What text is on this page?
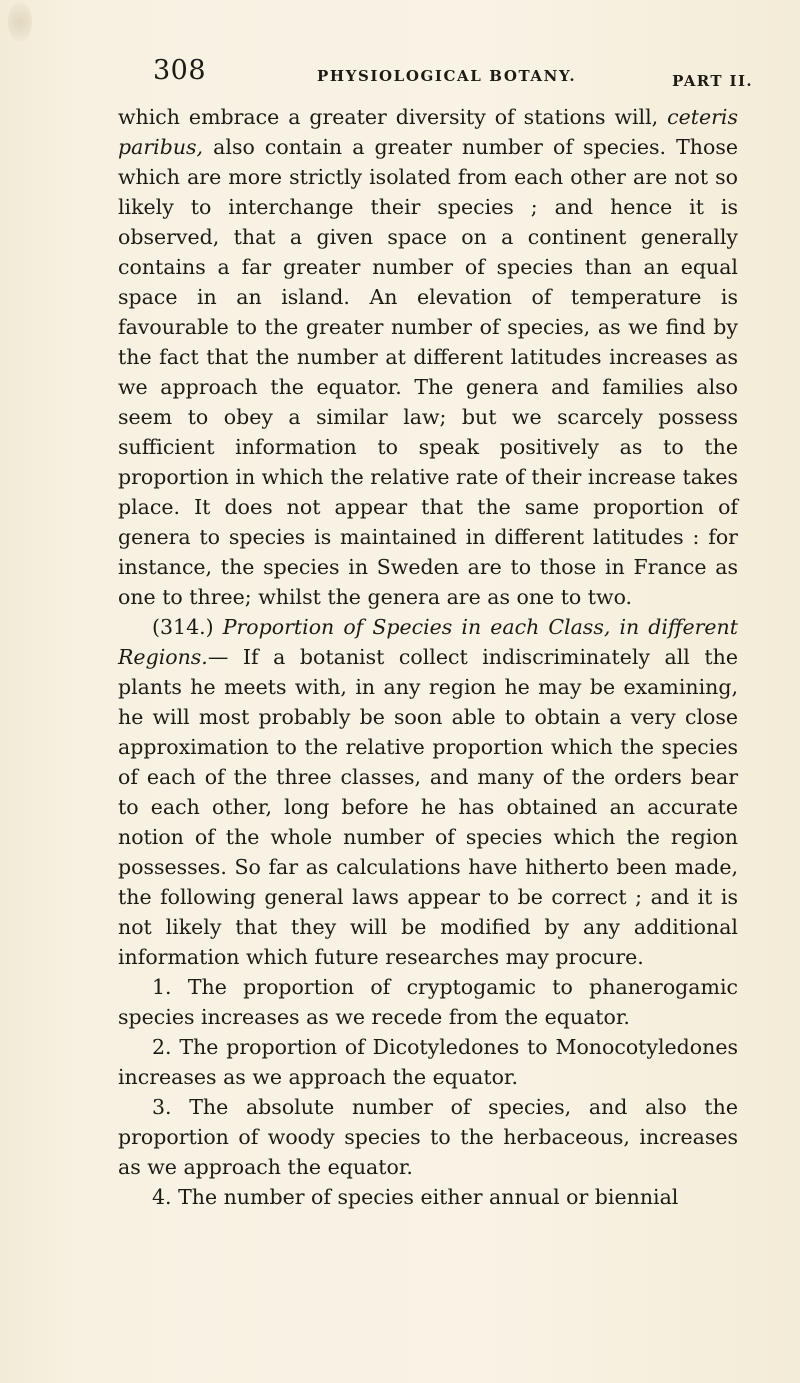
308	PHYSIOLOGICAL BOTANY.	PART II.

which embrace a greater diversity of stations will, ceteris paribus, also contain a greater number of species. Those which are more strictly isolated from each other are not so likely to interchange their species ; and hence it is observed, that a given space on a continent generally contains a far greater number of species than an equal space in an island. An elevation of temperature is favourable to the greater number of species, as we find by the fact that the number at different latitudes increases as we approach the equator. The genera and families also seem to obey a similar law; but we scarcely possess sufficient information to speak positively as to the proportion in which the relative rate of their increase takes place. It does not appear that the same proportion of genera to species is maintained in different latitudes : for instance, the species in Sweden are to those in France as one to three; whilst the genera are as one to two.

(314.) Proportion of Species in each Class, in different Regions.— If a botanist collect indiscriminately all the plants he meets with, in any region he may be examining, he will most probably be soon able to obtain a very close approximation to the relative proportion which the species of each of the three classes, and many of the orders bear to each other, long before he has obtained an accurate notion of the whole number of species which the region possesses. So far as calculations have hitherto been made, the following general laws appear to be correct ; and it is not likely that they will be modified by any additional information which future researches may procure.

1. The proportion of cryptogamic to phanerogamic species increases as we recede from the equator.

2. The proportion of Dicotyledones to Monocotyledones increases as we approach the equator.

3. The absolute number of species, and also the proportion of woody species to the herbaceous, increases as we approach the equator.

4. The number of species either annual or biennial
